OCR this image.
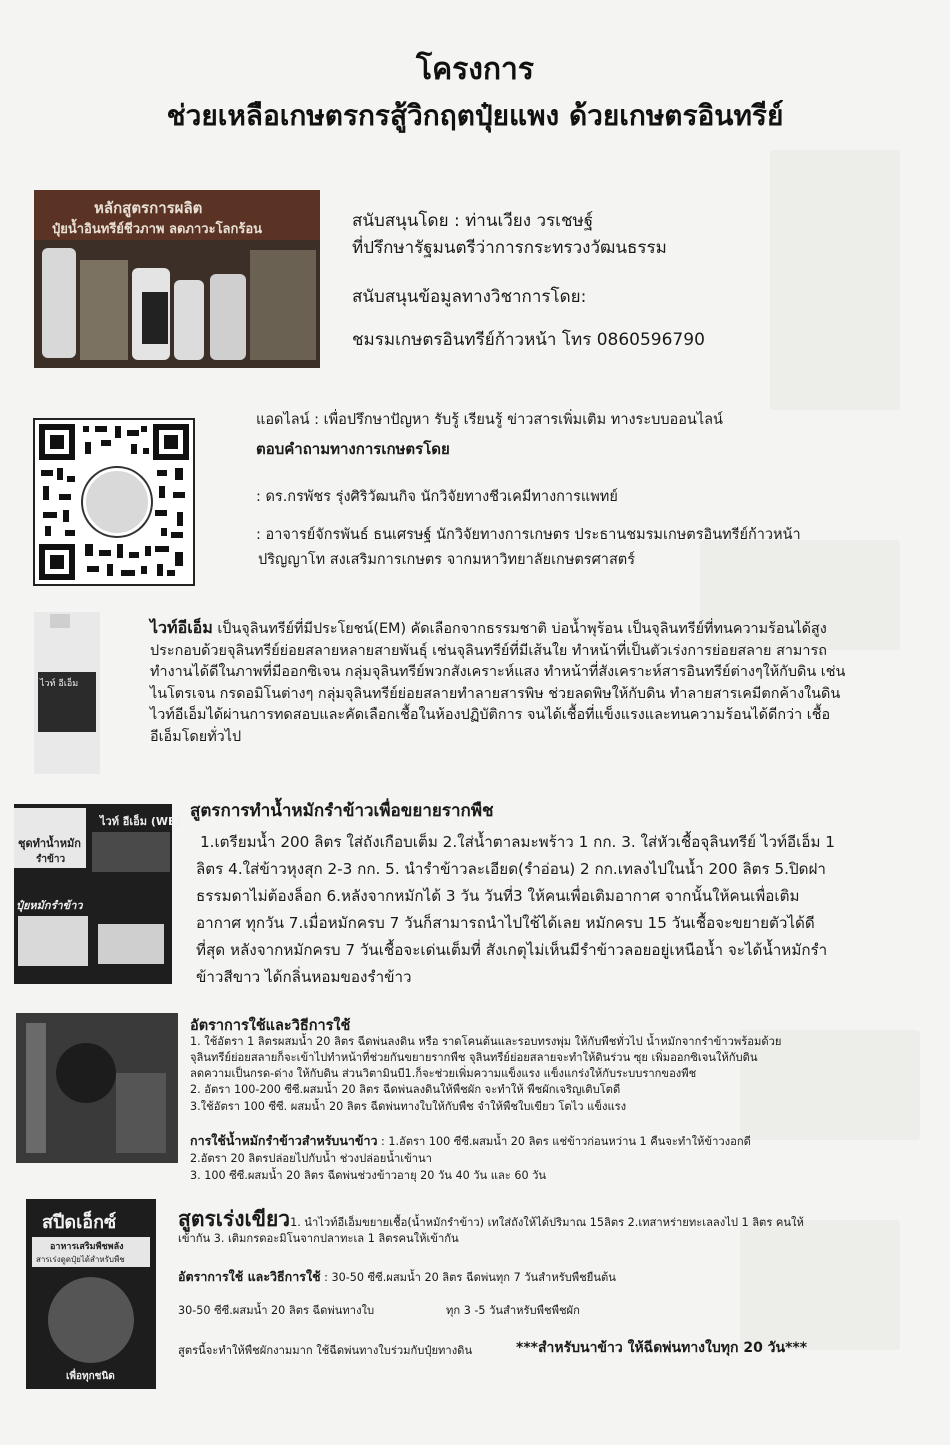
โครงการ
ช่วยเหลือเกษตรกรสู้วิกฤตปุ๋ยแพง ด้วยเกษตรอินทรีย์
หลักสูตรการผลิต
ปุ๋ยน้ำอินทรีย์ชีวภาพ ลดภาวะโลกร้อน	สนับสนุนโดย : ท่านเวียง วรเชษฐ์
ที่ปรึกษารัฐมนตรีว่าการกระทรวงวัฒนธรรม
สนับสนุนข้อมูลทางวิชาการโดย:
ชมรมเกษตรอินทรีย์ก้าวหน้า โทร 0860596790
แอดไลน์ : เพื่อปรึกษาปัญหา รับรู้ เรียนรู้ ข่าวสารเพิ่มเติม ทางระบบออนไลน์
ตอบคำถามทางการเกษตรโดย
: ดร.กรพัชร รุ่งศิริวัฒนกิจ นักวิจัยทางชีวเคมีทางการแพทย์
: อาจารย์จักรพันธ์ ธนเศรษฐ์ นักวิจัยทางการเกษตร ประธานชมรมเกษตรอินทรีย์ก้าวหน้า
ปริญญาโท สงเสริมการเกษตร จากมหาวิทยาลัยเกษตรศาสตร์
ไวท์ อีเอ็ม
ไวท์อีเอ็ม เป็นจุลินทรีย์ที่มีประโยชน์(EM) คัดเลือกจากธรรมชาติ บ่อน้ำพุร้อน เป็นจุลินทรีย์ที่ทนความร้อนได้สูง
ประกอบด้วยจุลินทรีย์ย่อยสลายหลายสายพันธุ์ เช่นจุลินทรีย์ที่มีเส้นใย ทำหน้าที่เป็นตัวเร่งการย่อยสลาย สามารถ
ทำงานได้ดีในภาพที่มีออกซิเจน กลุ่มจุลินทรีย์พวกสังเคราะห์แสง ทำหน้าที่สังเคราะห์สารอินทรีย์ต่างๆให้กับดิน เช่น
ไนโตรเจน กรดอมิโนต่างๆ กลุ่มจุลินทรีย์ย่อยสลายทำลายสารพิษ ช่วยลดพิษให้กับดิน ทำลายสารเคมีตกค้างในดิน
ไวท์อีเอ็มได้ผ่านการทดสอบและคัดเลือกเชื้อในห้องปฏิบัติการ จนได้เชื้อที่แข็งแรงและทนความร้อนได้ดีกว่า เชื้อ
อีเอ็มโดยทั่วไป
ชุดทำน้ำหมัก
รำข้าว
ไวท์ อีเอ็ม (WE)
ปุ๋ยหมักรำข้าว
สูตรการทำน้ำหมักรำข้าวเพื่อขยายรากพืช
1.เตรียมน้ำ 200 ลิตร ใส่ถังเกือบเต็ม 2.ใส่น้ำตาลมะพร้าว 1 กก. 3. ใส่หัวเชื้อจุลินทรีย์ ไวท์อีเอ็ม 1
ลิตร 4.ใส่ข้าวหุงสุก 2-3 กก. 5. นำรำข้าวละเอียด(รำอ่อน) 2 กก.เทลงไปในน้ำ 200 ลิตร 5.ปิดฝา
ธรรมดาไม่ต้องล็อก 6.หลังจากหมักได้ 3 วัน วันที่3 ให้คนเพื่อเติมอากาศ จากนั้นให้คนเพื่อเติม
อากาศ ทุกวัน 7.เมื่อหมักครบ 7 วันก็สามารถนำไปใช้ได้เลย หมักครบ 15 วันเชื้อจะขยายตัวได้ดี
ที่สุด หลังจากหมักครบ 7 วันเชื้อจะเด่นเต็มที่ สังเกตุไม่เห็นมีรำข้าวลอยอยู่เหนือน้ำ จะได้น้ำหมักรำ
ข้าวสีขาว ได้กลิ่นหอมของรำข้าว
อัตราการใช้และวิธีการใช้
1. ใช้อัตรา 1 ลิตรผสมน้ำ 20 ลิตร ฉีดพ่นลงดิน หรือ ราดโคนต้นและรอบทรงพุ่ม ให้กับพืชทั่วไป น้ำหมักจากรำข้าวพร้อมด้วย
จุลินทรีย์ย่อยสลายก็จะเข้าไปทำหน้าที่ช่วยกันขยายรากพืช จุลินทรีย์ย่อยสลายจะทำให้ดินร่วน ซุย เพิ่มออกซิเจนให้กับดิน
ลดความเป็นกรด-ด่าง ให้กับดิน ส่วนวิตามินบี1.ก็จะช่วยเพิ่มความแข็งแรง แข็งแกร่งให้กับระบบรากของพืช
2. อัตรา 100-200 ซีซี.ผสมน้ำ 20 ลิตร ฉีดพ่นลงดินให้พืชผัก จะทำให้ พืชผักเจริญเติบโตดี
3.ใช้อัตรา 100 ซีซี. ผสมน้ำ 20 ลิตร ฉีดพ่นทางใบให้กับพืช จำให้พืชใบเขียว โตไว แข็งแรง
การใช้น้ำหมักรำข้าวสำหรับนาข้าว : 1.อัตรา 100 ซีซี.ผสมน้ำ 20 ลิตร แช่ข้าวก่อนหว่าน 1 คืนจะทำให้ข้าวงอกดี
2.อัตรา 20 ลิตรปล่อยไปกับน้ำ ช่วงปล่อยน้ำเข้านา
3. 100 ซีซี.ผสมน้ำ 20 ลิตร ฉีดพ่นช่วงข้าวอายุ 20 วัน 40 วัน และ 60 วัน
สปีดเอ็กซ์
อาหารเสริมพืชพลัง
สารเร่งดูดปุ๋ยได้สำหรับพืช
เพื่อทุกชนิด
สูตรเร่งเขียว1. นำไวท์อีเอ็มขยายเชื้อ(น้ำหมักรำข้าว) เทใส่ถังให้ได้ปริมาณ 15ลิตร 2.เทสาหร่ายทะเลลงไป 1 ลิตร คนให้
เข้ากัน 3. เติมกรดอะมิโนจากปลาทะเล 1 ลิตรคนให้เข้ากัน
อัตราการใช้ และวิธีการใช้ : 30-50 ซีซี.ผสมน้ำ 20 ลิตร ฉีดพ่นทุก 7 วันสำหรับพืชยืนต้น
30-50 ซีซี.ผสมน้ำ 20 ลิตร ฉีดพ่นทางใบ	ทุก 3 -5 วันสำหรับพืชพืชผัก
สูตรนี้จะทำให้พืชผักงามมาก ใช้ฉีดพ่นทางใบร่วมกับปุ๋ยทางดิน	***สำหรับนาข้าว ให้ฉีดพ่นทางใบทุก 20 วัน***
